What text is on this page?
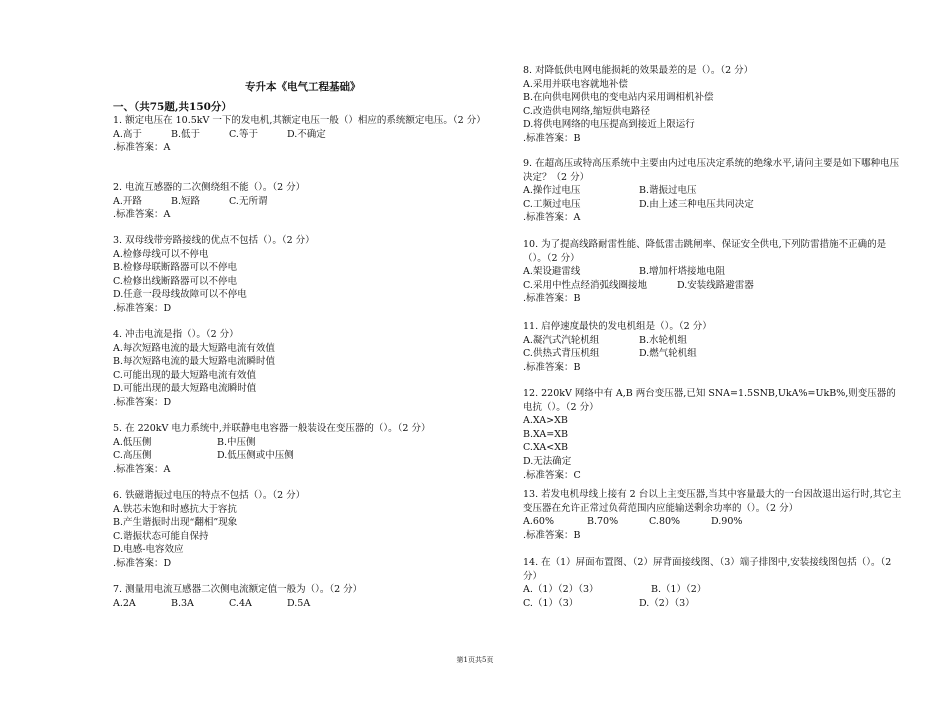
专升本《电气工程基础》
一、（共75题,共150分）
1. 额定电压在 10.5kV 一下的发电机,其额定电压一般（）相应的系统额定电压。（2 分）
A.高于	B.低于	C.等于	D.不确定
.标准答案：A
2. 电流互感器的二次侧绕组不能（）。（2 分）
A.开路	B.短路	C.无所谓
.标准答案：A
3. 双母线带旁路接线的优点不包括（）。（2 分）
A.检修母线可以不停电
B.检修母联断路器可以不停电
C.检修出线断路器可以不停电
D.任意一段母线故障可以不停电
.标准答案：D
4. 冲击电流是指（）。（2 分）
A.每次短路电流的最大短路电流有效值
B.每次短路电流的最大短路电流瞬时值
C.可能出现的最大短路电流有效值
D.可能出现的最大短路电流瞬时值
.标准答案：D
5. 在 220kV 电力系统中,并联静电电容器一般装设在变压器的（）。（2 分）
A.低压侧	B.中压侧
C.高压侧	D.低压侧或中压侧
.标准答案：A
6. 铁磁谐振过电压的特点不包括（）。（2 分）
A.铁芯未饱和时感抗大于容抗
B.产生谐振时出现“翻相”现象
C.谐振状态可能自保持
D.电感-电容效应
.标准答案：D
7. 测量用电流互感器二次侧电流额定值一般为（）。（2 分）
A.2A	B.3A	C.4A	D.5A
8. 对降低供电网电能损耗的效果最差的是（）。（2 分）
A.采用并联电容就地补偿
B.在向供电网供电的变电站内采用调相机补偿
C.改造供电网络,缩短供电路径
D.将供电网络的电压提高到接近上限运行
.标准答案：B
9. 在超高压或特高压系统中主要由内过电压决定系统的绝缘水平,请问主要是如下哪种电压决定？（2 分）
A.操作过电压	B.谐振过电压
C.工频过电压	D.由上述三种电压共同决定
.标准答案：A
10. 为了提高线路耐雷性能、降低雷击跳闸率、保证安全供电,下列防雷措施不正确的是（）。（2 分）
A.架设避雷线	B.增加杆塔接地电阻
C.采用中性点经消弧线圈接地	D.安装线路避雷器
.标准答案：B
11. 启停速度最快的发电机组是（）。（2 分）
A.凝汽式汽轮机组	B.水轮机组
C.供热式背压机组	D.燃气轮机组
.标准答案：B
12. 220kV 网络中有 A,B 两台变压器,已知 SNA=1.5SNB,UkA%=UkB%,则变压器的电抗（）。（2 分）
A.XA>XB
B.XA=XB
C.XA<XB
D.无法确定
.标准答案：C
13. 若发电机母线上接有 2 台以上主变压器,当其中容量最大的一台因故退出运行时,其它主变压器在允许正常过负荷范围内应能输送剩余功率的（）。（2 分）
A.60%	B.70%	C.80%	D.90%
.标准答案：B
14. 在（1）屏面布置图、（2）屏背面接线图、（3）端子排图中,安装接线图包括（）。（2 分）
A.（1）（2）（3）	B.（1）（2）
C.（1）（3）	D.（2）（3）
第1页共5页
